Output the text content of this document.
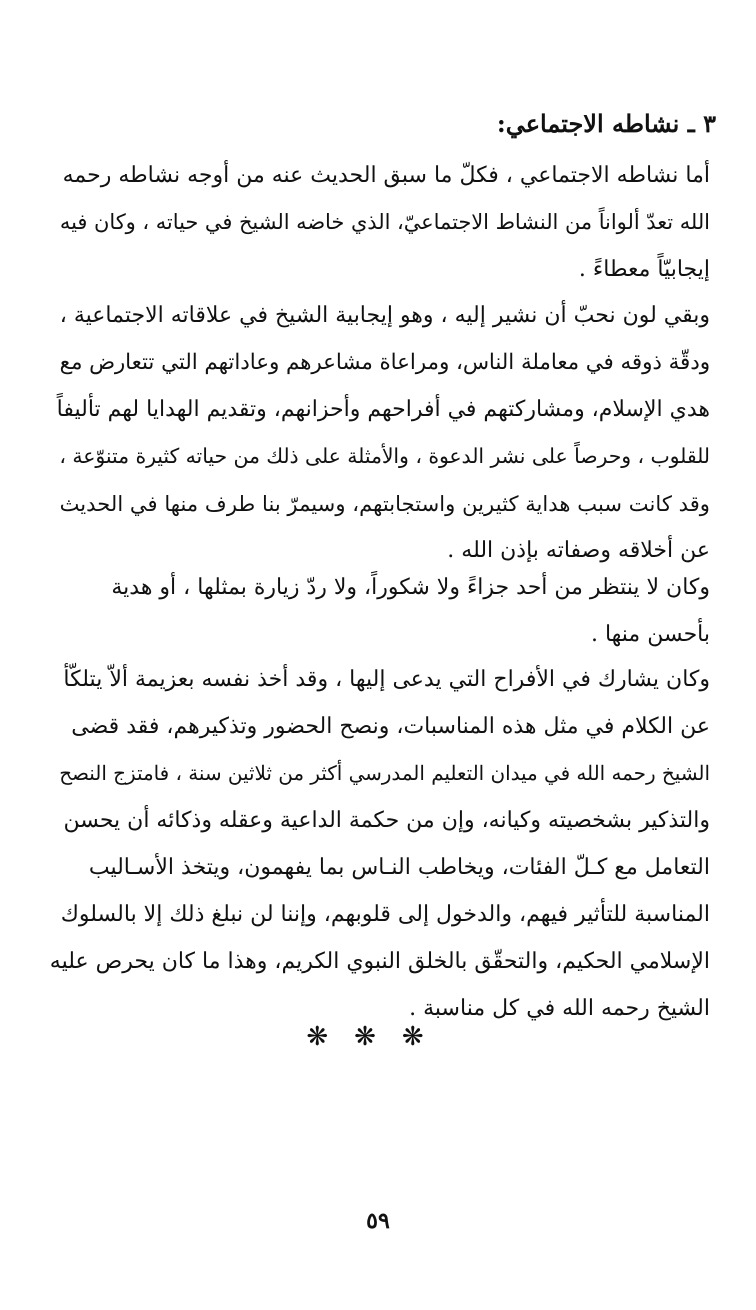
٣ ـ نشاطه الاجتماعي:
أما نشاطه الاجتماعي ، فكلّ ما سبق الحديث عنه من أوجه نشاطه رحمه
الله تعدّ ألواناً من النشاط الاجتماعيّ، الذي خاضه الشيخ في حياته ، وكان فيه
إيجابيّاً معطاءً .
وبقي لون نحبّ أن نشير إليه ، وهو إيجابية الشيخ في علاقاته الاجتماعية ،
ودقّة ذوقه في معاملة الناس، ومراعاة مشاعرهم وعاداتهم التي تتعارض مع
هدي الإسلام، ومشاركتهم في أفراحهم وأحزانهم، وتقديم الهدايا لهم تأليفاً
للقلوب ، وحرصاً على نشر الدعوة ، والأمثلة على ذلك من حياته كثيرة متنوّعة ،
وقد كانت سبب هداية كثيرين واستجابتهم، وسيمرّ بنا طرف منها في الحديث
عن أخلاقه وصفاته بإذن الله .
وكان لا ينتظر من أحد جزاءً ولا شكوراً، ولا ردّ زيارة بمثلها ، أو هدية
بأحسن منها .
وكان يشارك في الأفراح التي يدعى إليها ، وقد أخذ نفسه بعزيمة ألاّ يتلكّأ
عن الكلام في مثل هذه المناسبات، ونصح الحضور وتذكيرهم، فقد قضى
الشيخ رحمه الله في ميدان التعليم المدرسي أكثر من ثلاثين سنة ، فامتزج النصح
والتذكير بشخصيته وكيانه، وإن من حكمة الداعية وعقله وذكائه أن يحسن
التعامل مع كـلّ الفئات، ويخاطب النـاس بما يفهمون، ويتخذ الأسـاليب
المناسبة للتأثير فيهم، والدخول إلى قلوبهم، وإننا لن نبلغ ذلك إلا بالسلوك
الإسلامي الحكيم، والتحقّق بالخلق النبوي الكريم، وهذا ما كان يحرص عليه
الشيخ رحمه الله في كل مناسبة .
❋❋❋
٥٩
